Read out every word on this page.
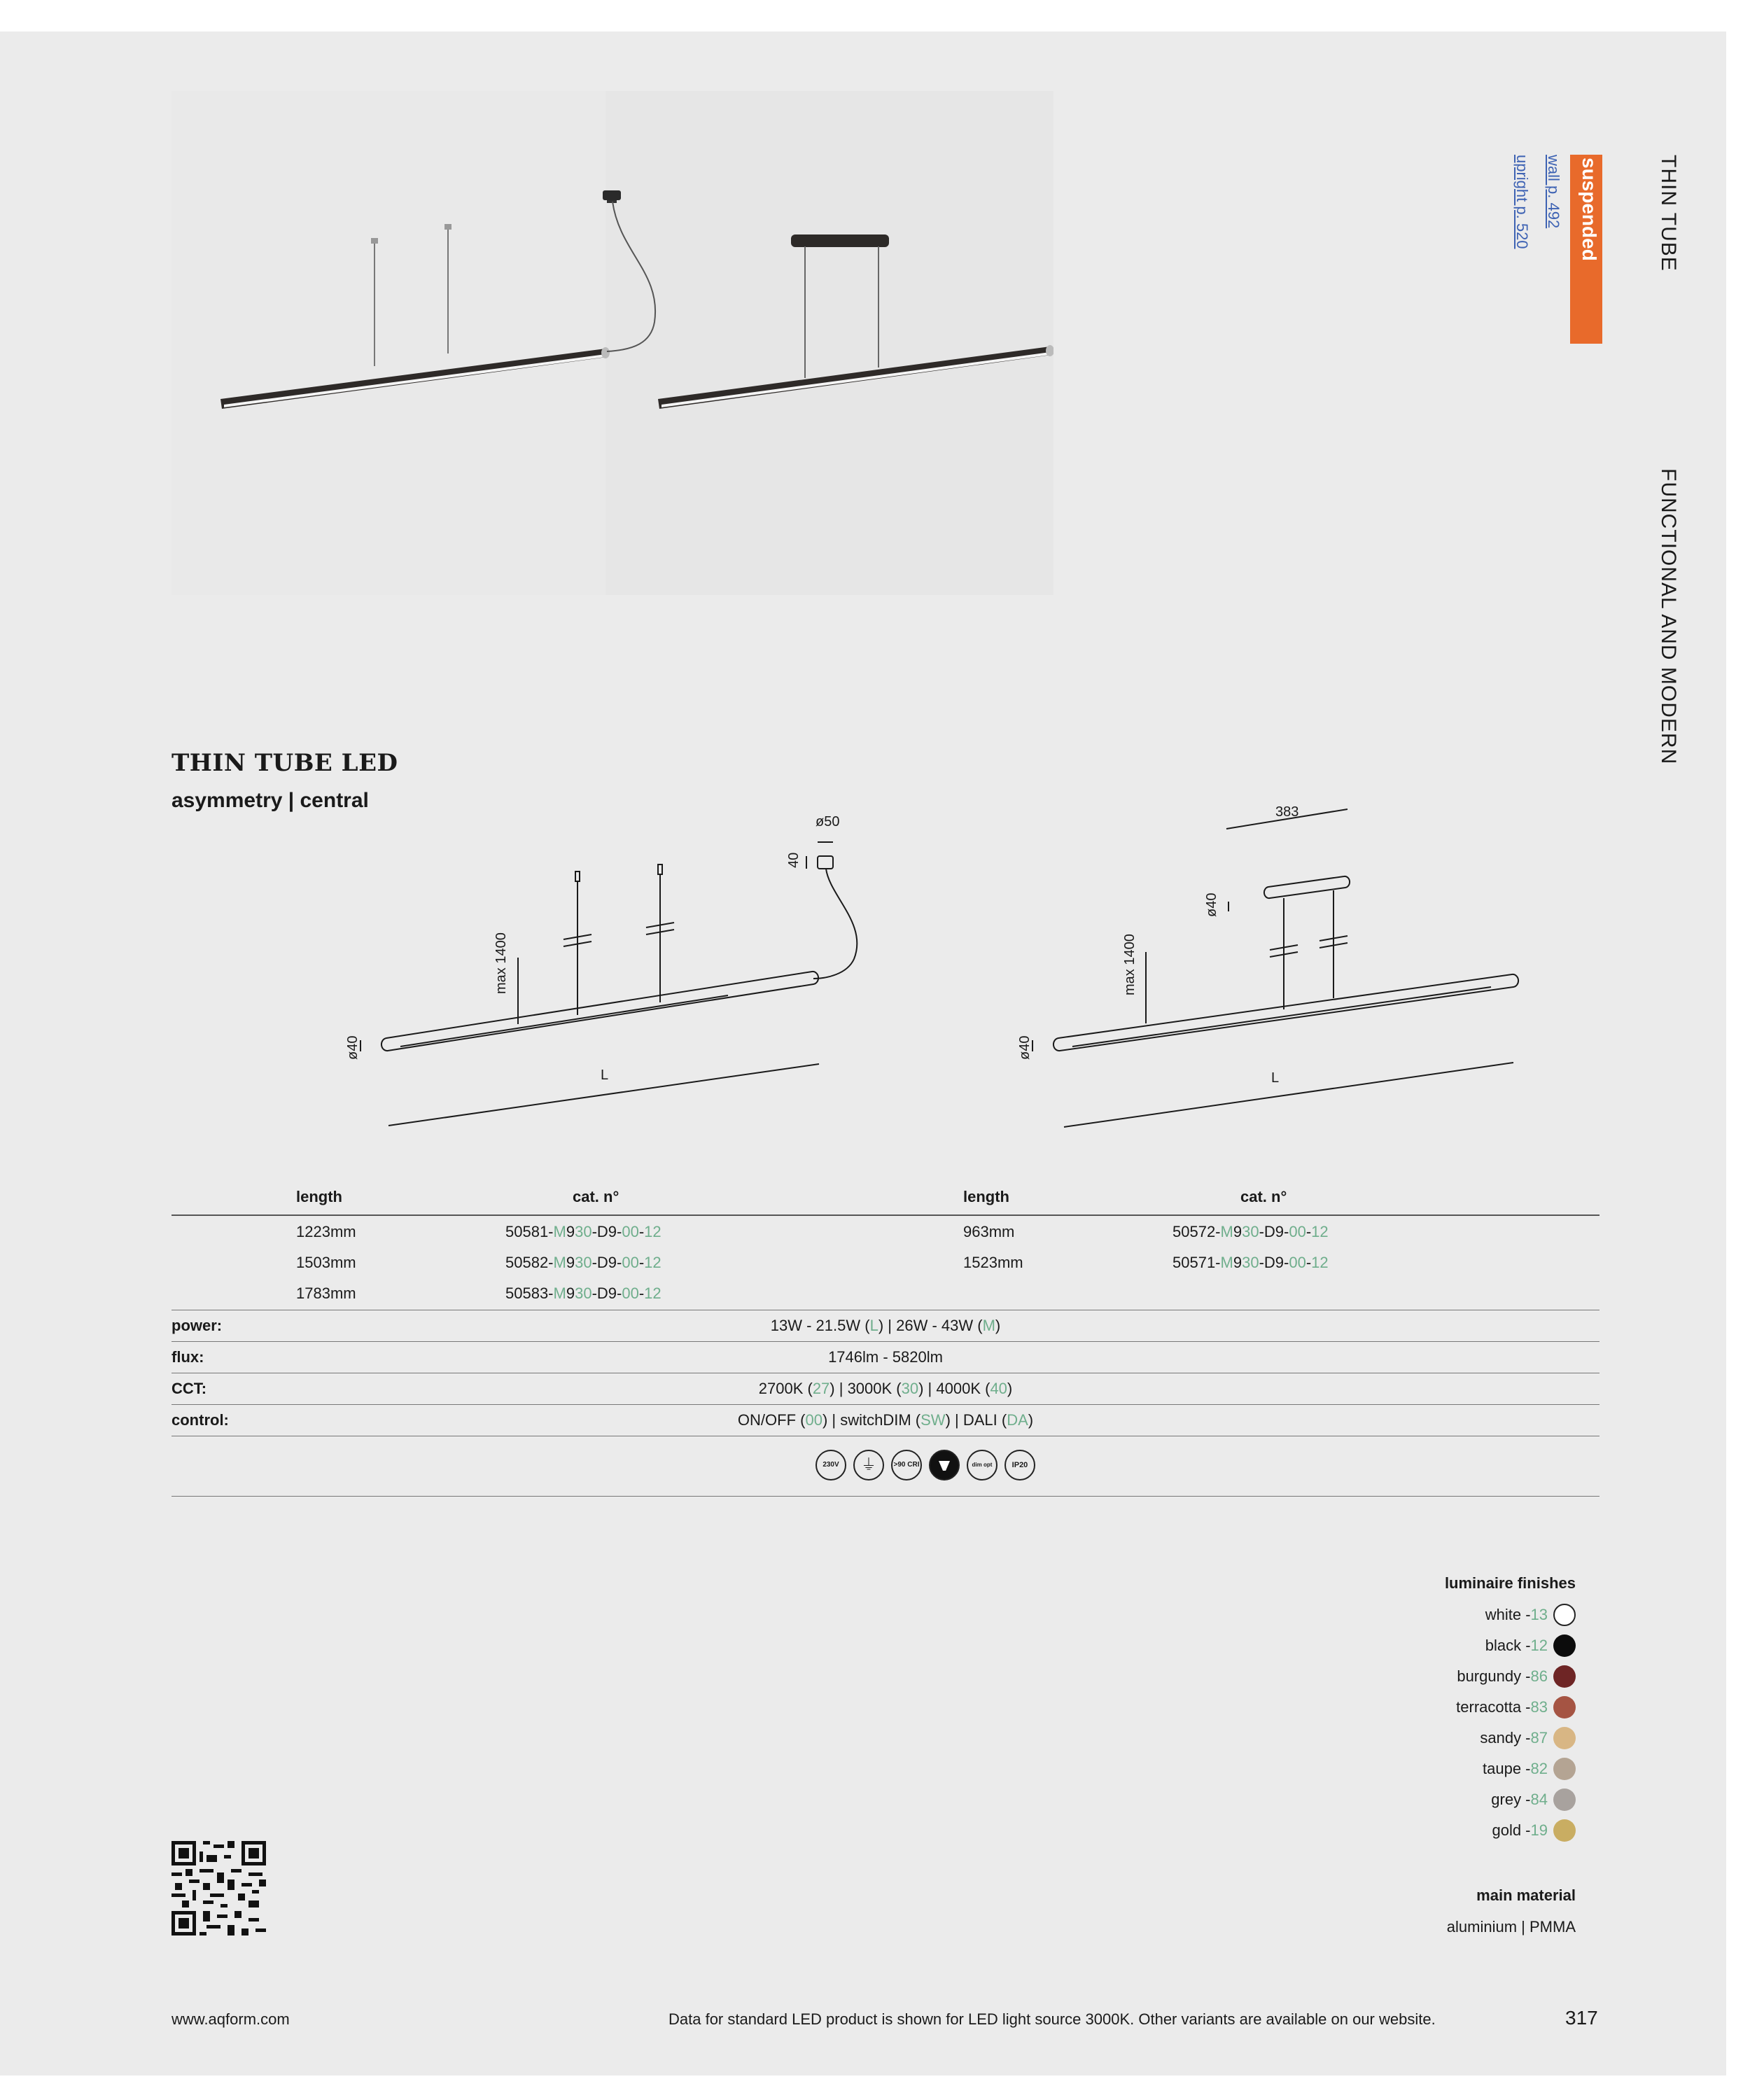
THIN TUBE
FUNCTIONAL AND MODERN
suspended
wall p. 492
upright p. 520
THIN TUBE LED
asymmetry | central
ø50
40
max 1400
ø40
L
383
ø40
max 1400
ø40
L
length	cat. n°	length	cat. n°
1223mm	50581-M930-D9-00-12
1503mm	50582-M930-D9-00-12
1783mm	50583-M930-D9-00-12
963mm	50572-M930-D9-00-12
1523mm	50571-M930-D9-00-12
power:	13W - 21.5W (L) | 26W - 43W (M)
flux:	1746lm - 5820lm
CCT:	2700K (27) | 3000K (30) | 4000K (40)
control:	ON/OFF (00) | switchDIM (SW) | DALI (DA)
230V	⏚	>90 CRI	dim opt	IP20
luminaire finishes
white -13
black -12
burgundy -86
terracotta -83
sandy -87
taupe -82
grey -84
gold -19
main material
aluminium | PMMA
www.aqform.com	Data for standard LED product is shown for LED light source 3000K. Other variants are available on our website.	317
